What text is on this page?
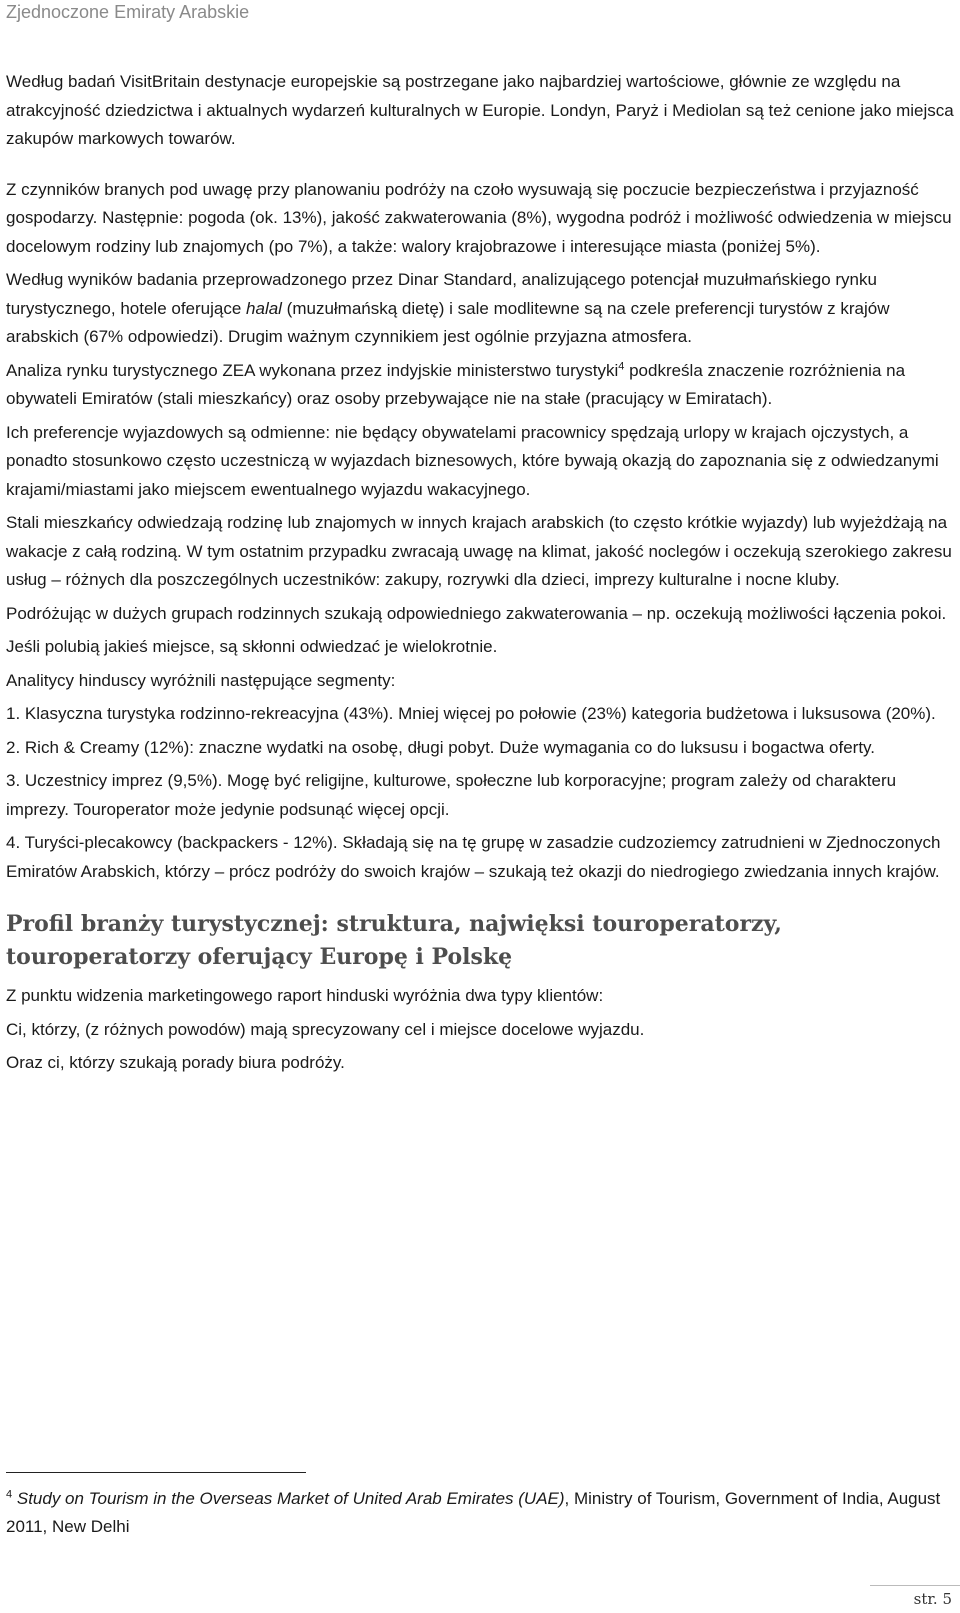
Zjednoczone Emiraty Arabskie

Według badań VisitBritain destynacje europejskie są postrzegane jako najbardziej wartościowe, głównie ze względu na atrakcyjność dziedzictwa i aktualnych wydarzeń kulturalnych w Europie. Londyn, Paryż i Mediolan są też cenione jako miejsca zakupów markowych towarów.

Z czynników branych pod uwagę przy planowaniu podróży na czoło wysuwają się poczucie bezpieczeństwa i przyjazność gospodarzy. Następnie: pogoda (ok. 13%), jakość zakwaterowania (8%), wygodna podróż i możliwość odwiedzenia w miejscu docelowym rodziny lub znajomych (po 7%), a także: walory krajobrazowe i interesujące miasta (poniżej 5%).

Według wyników badania przeprowadzonego przez Dinar Standard, analizującego potencjał muzułmańskiego rynku turystycznego, hotele oferujące halal (muzułmańską dietę) i sale modlitewne są na czele preferencji turystów z krajów arabskich (67% odpowiedzi). Drugim ważnym czynnikiem jest ogólnie przyjazna atmosfera.

Analiza rynku turystycznego ZEA wykonana przez indyjskie ministerstwo turystyki$^4$ podkreśla znaczenie rozróżnienia na obywateli Emiratów (stali mieszkańcy) oraz osoby przebywające nie na stałe (pracujący w Emiratach).

Ich preferencje wyjazdowych są odmienne: nie będący obywatelami pracownicy spędzają urlopy w krajach ojczystych, a ponadto stosunkowo często uczestniczą w wyjazdach biznesowych, które bywają okazją do zapoznania się z odwiedzanymi krajami/miastami jako miejscem ewentualnego wyjazdu wakacyjnego.

Stali mieszkańcy odwiedzają rodzinę lub znajomych w innych krajach arabskich (to często krótkie wyjazdy) lub wyjeżdżają na wakacje z całą rodziną. W tym ostatnim przypadku zwracają uwagę na klimat, jakość noclegów i oczekują szerokiego zakresu usług – różnych dla poszczególnych uczestników: zakupy, rozrywki dla dzieci, imprezy kulturalne i nocne kluby.

Podróżując w dużych grupach rodzinnych szukają odpowiedniego zakwaterowania – np. oczekują możliwości łączenia pokoi.

Jeśli polubią jakieś miejsce, są skłonni odwiedzać je wielokrotnie.

Analitycy hinduscy wyróżnili następujące segmenty:

1. Klasyczna turystyka rodzinno-rekreacyjna (43%). Mniej więcej po połowie (23%) kategoria budżetowa i luksusowa (20%).

2. Rich & Creamy (12%): znaczne wydatki na osobę, długi pobyt. Duże wymagania co do luksusu i bogactwa oferty.

3. Uczestnicy imprez (9,5%). Mogę być religijne, kulturowe, społeczne lub korporacyjne; program zależy od charakteru imprezy. Touroperator może jedynie podsunąć więcej opcji.

4. Turyści-plecakowcy (backpackers - 12%). Składają się na tę grupę w zasadzie cudzoziemcy zatrudnieni w Zjednoczonych Emiratów Arabskich, którzy – prócz podróży do swoich krajów – szukają też okazji do niedrogiego zwiedzania innych krajów.

Profil branży turystycznej: struktura, najwięksi touroperatorzy, touroperatorzy oferujący Europę i Polskę

Z punktu widzenia marketingowego raport hinduski wyróżnia dwa typy klientów:

Ci, którzy, (z różnych powodów) mają sprecyzowany cel i miejsce docelowe wyjazdu.

Oraz ci, którzy szukają porady biura podróży.

$^4$ Study on Tourism in the Overseas Market of United Arab Emirates (UAE), Ministry of Tourism, Government of India, August 2011, New Delhi
str. 5
